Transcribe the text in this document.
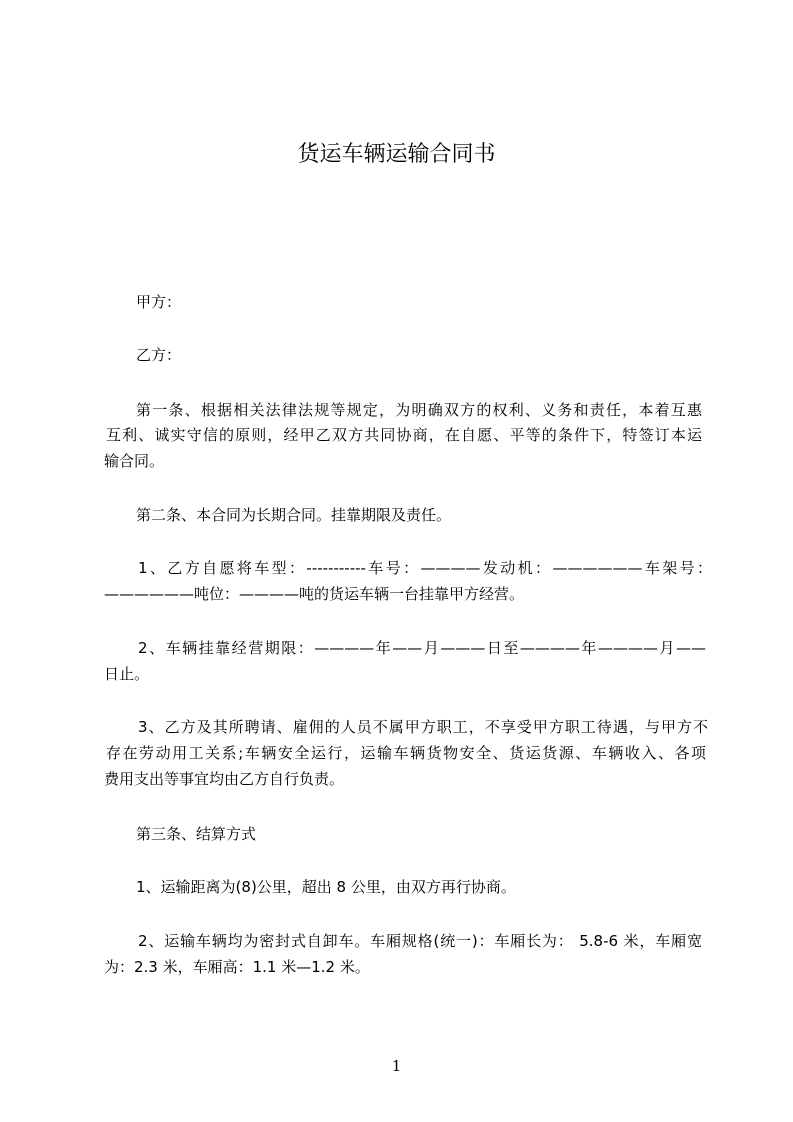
货运车辆运输合同书
甲方：
乙方：
第一条、根据相关法律法规等规定，为明确双方的权利、义务和责任，本着互惠
互利、诚实守信的原则，经甲乙双方共同协商，在自愿、平等的条件下，特签订本运
输合同。
第二条、本合同为长期合同。挂靠期限及责任。
1、乙方自愿将车型：-----------车号：————发动机：——————车架号：
——————吨位：————吨的货运车辆一台挂靠甲方经营。
2、车辆挂靠经营期限：————年——月———日至————年————月——
日止。
3、乙方及其所聘请、雇佣的人员不属甲方职工，不享受甲方职工待遇，与甲方不
存在劳动用工关系;车辆安全运行，运输车辆货物安全、货运货源、车辆收入、各项
费用支出等事宜均由乙方自行负责。
第三条、结算方式
1、运输距离为(8)公里，超出 8 公里，由双方再行协商。
2、运输车辆均为密封式自卸车。车厢规格(统一)：车厢长为： 5.8-6 米，车厢宽
为：2.3 米，车厢高：1.1 米—1.2 米。
1
